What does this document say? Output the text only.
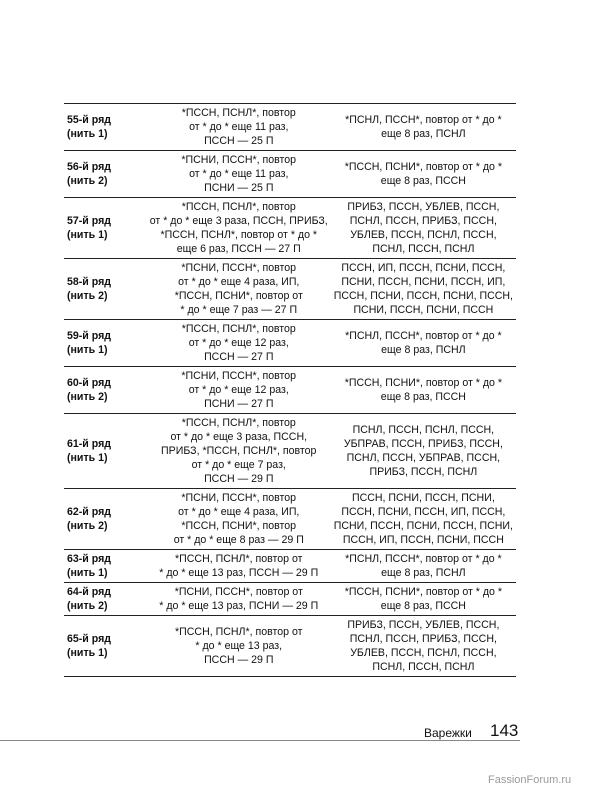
55-й ряд
(нить 1)	*ПССН, ПСНЛ*, повтор
от * до * еще 11 раз,
ПССН — 25 П	*ПСНЛ, ПССН*, повтор от * до *
еще 8 раз, ПСНЛ

56-й ряд
(нить 2)	*ПСНИ, ПССН*, повтор
от * до * еще 11 раз,
ПСНИ — 25 П	*ПССН, ПСНИ*, повтор от * до *
еще 8 раз, ПССН

57-й ряд
(нить 1)	*ПССН, ПСНЛ*, повтор
от * до * еще 3 раза, ПССН, ПРИБЗ,
*ПССН, ПСНЛ*, повтор от * до *
еще 6 раз, ПССН — 27 П	ПРИБЗ, ПССН, УБЛЕВ, ПССН,
ПСНЛ, ПССН, ПРИБЗ, ПССН,
УБЛЕВ, ПССН, ПСНЛ, ПССН,
ПСНЛ, ПССН, ПСНЛ

58-й ряд
(нить 2)	*ПСНИ, ПССН*, повтор
от * до * еще 4 раза, ИП,
*ПССН, ПСНИ*, повтор от
* до * еще 7 раз — 27 П	ПССН, ИП, ПССН, ПСНИ, ПССН,
ПСНИ, ПССН, ПСНИ, ПССН, ИП,
ПССН, ПСНИ, ПССН, ПСНИ, ПССН,
ПСНИ, ПССН, ПСНИ, ПССН

59-й ряд
(нить 1)	*ПССН, ПСНЛ*, повтор
от * до * еще 12 раз,
ПССН — 27 П	*ПСНЛ, ПССН*, повтор от * до *
еще 8 раз, ПСНЛ

60-й ряд
(нить 2)	*ПСНИ, ПССН*, повтор
от * до * еще 12 раз,
ПСНИ — 27 П	*ПССН, ПСНИ*, повтор от * до *
еще 8 раз, ПССН

61-й ряд
(нить 1)	*ПССН, ПСНЛ*, повтор
от * до * еще 3 раза, ПССН,
ПРИБЗ, *ПССН, ПСНЛ*, повтор
от * до * еще 7 раз,
ПССН — 29 П	ПСНЛ, ПССН, ПСНЛ, ПССН,
УБПРАВ, ПССН, ПРИБЗ, ПССН,
ПСНЛ, ПССН, УБПРАВ, ПССН,
ПРИБЗ, ПССН, ПСНЛ

62-й ряд
(нить 2)	*ПСНИ, ПССН*, повтор
от * до * еще 4 раза, ИП,
*ПССН, ПСНИ*, повтор
от * до * еще 8 раз — 29 П	ПССН, ПСНИ, ПССН, ПСНИ,
ПССН, ПСНИ, ПССН, ИП, ПССН,
ПСНИ, ПССН, ПСНИ, ПССН, ПСНИ,
ПССН, ИП, ПССН, ПСНИ, ПССН

63-й ряд
(нить 1)	*ПССН, ПСНЛ*, повтор от
* до * еще 13 раз, ПССН — 29 П	*ПСНЛ, ПССН*, повтор от * до *
еще 8 раз, ПСНЛ

64-й ряд
(нить 2)	*ПСНИ, ПССН*, повтор от
* до * еще 13 раз, ПСНИ — 29 П	*ПССН, ПСНИ*, повтор от * до *
еще 8 раз, ПССН

65-й ряд
(нить 1)	*ПССН, ПСНЛ*, повтор от
* до * еще 13 раз,
ПССН — 29 П	ПРИБЗ, ПССН, УБЛЕВ, ПССН,
ПСНЛ, ПССН, ПРИБЗ, ПССН,
УБЛЕВ, ПССН, ПСНЛ, ПССН,
ПСНЛ, ПССН, ПСНЛ
Варежки 143
FassionForum.ru
